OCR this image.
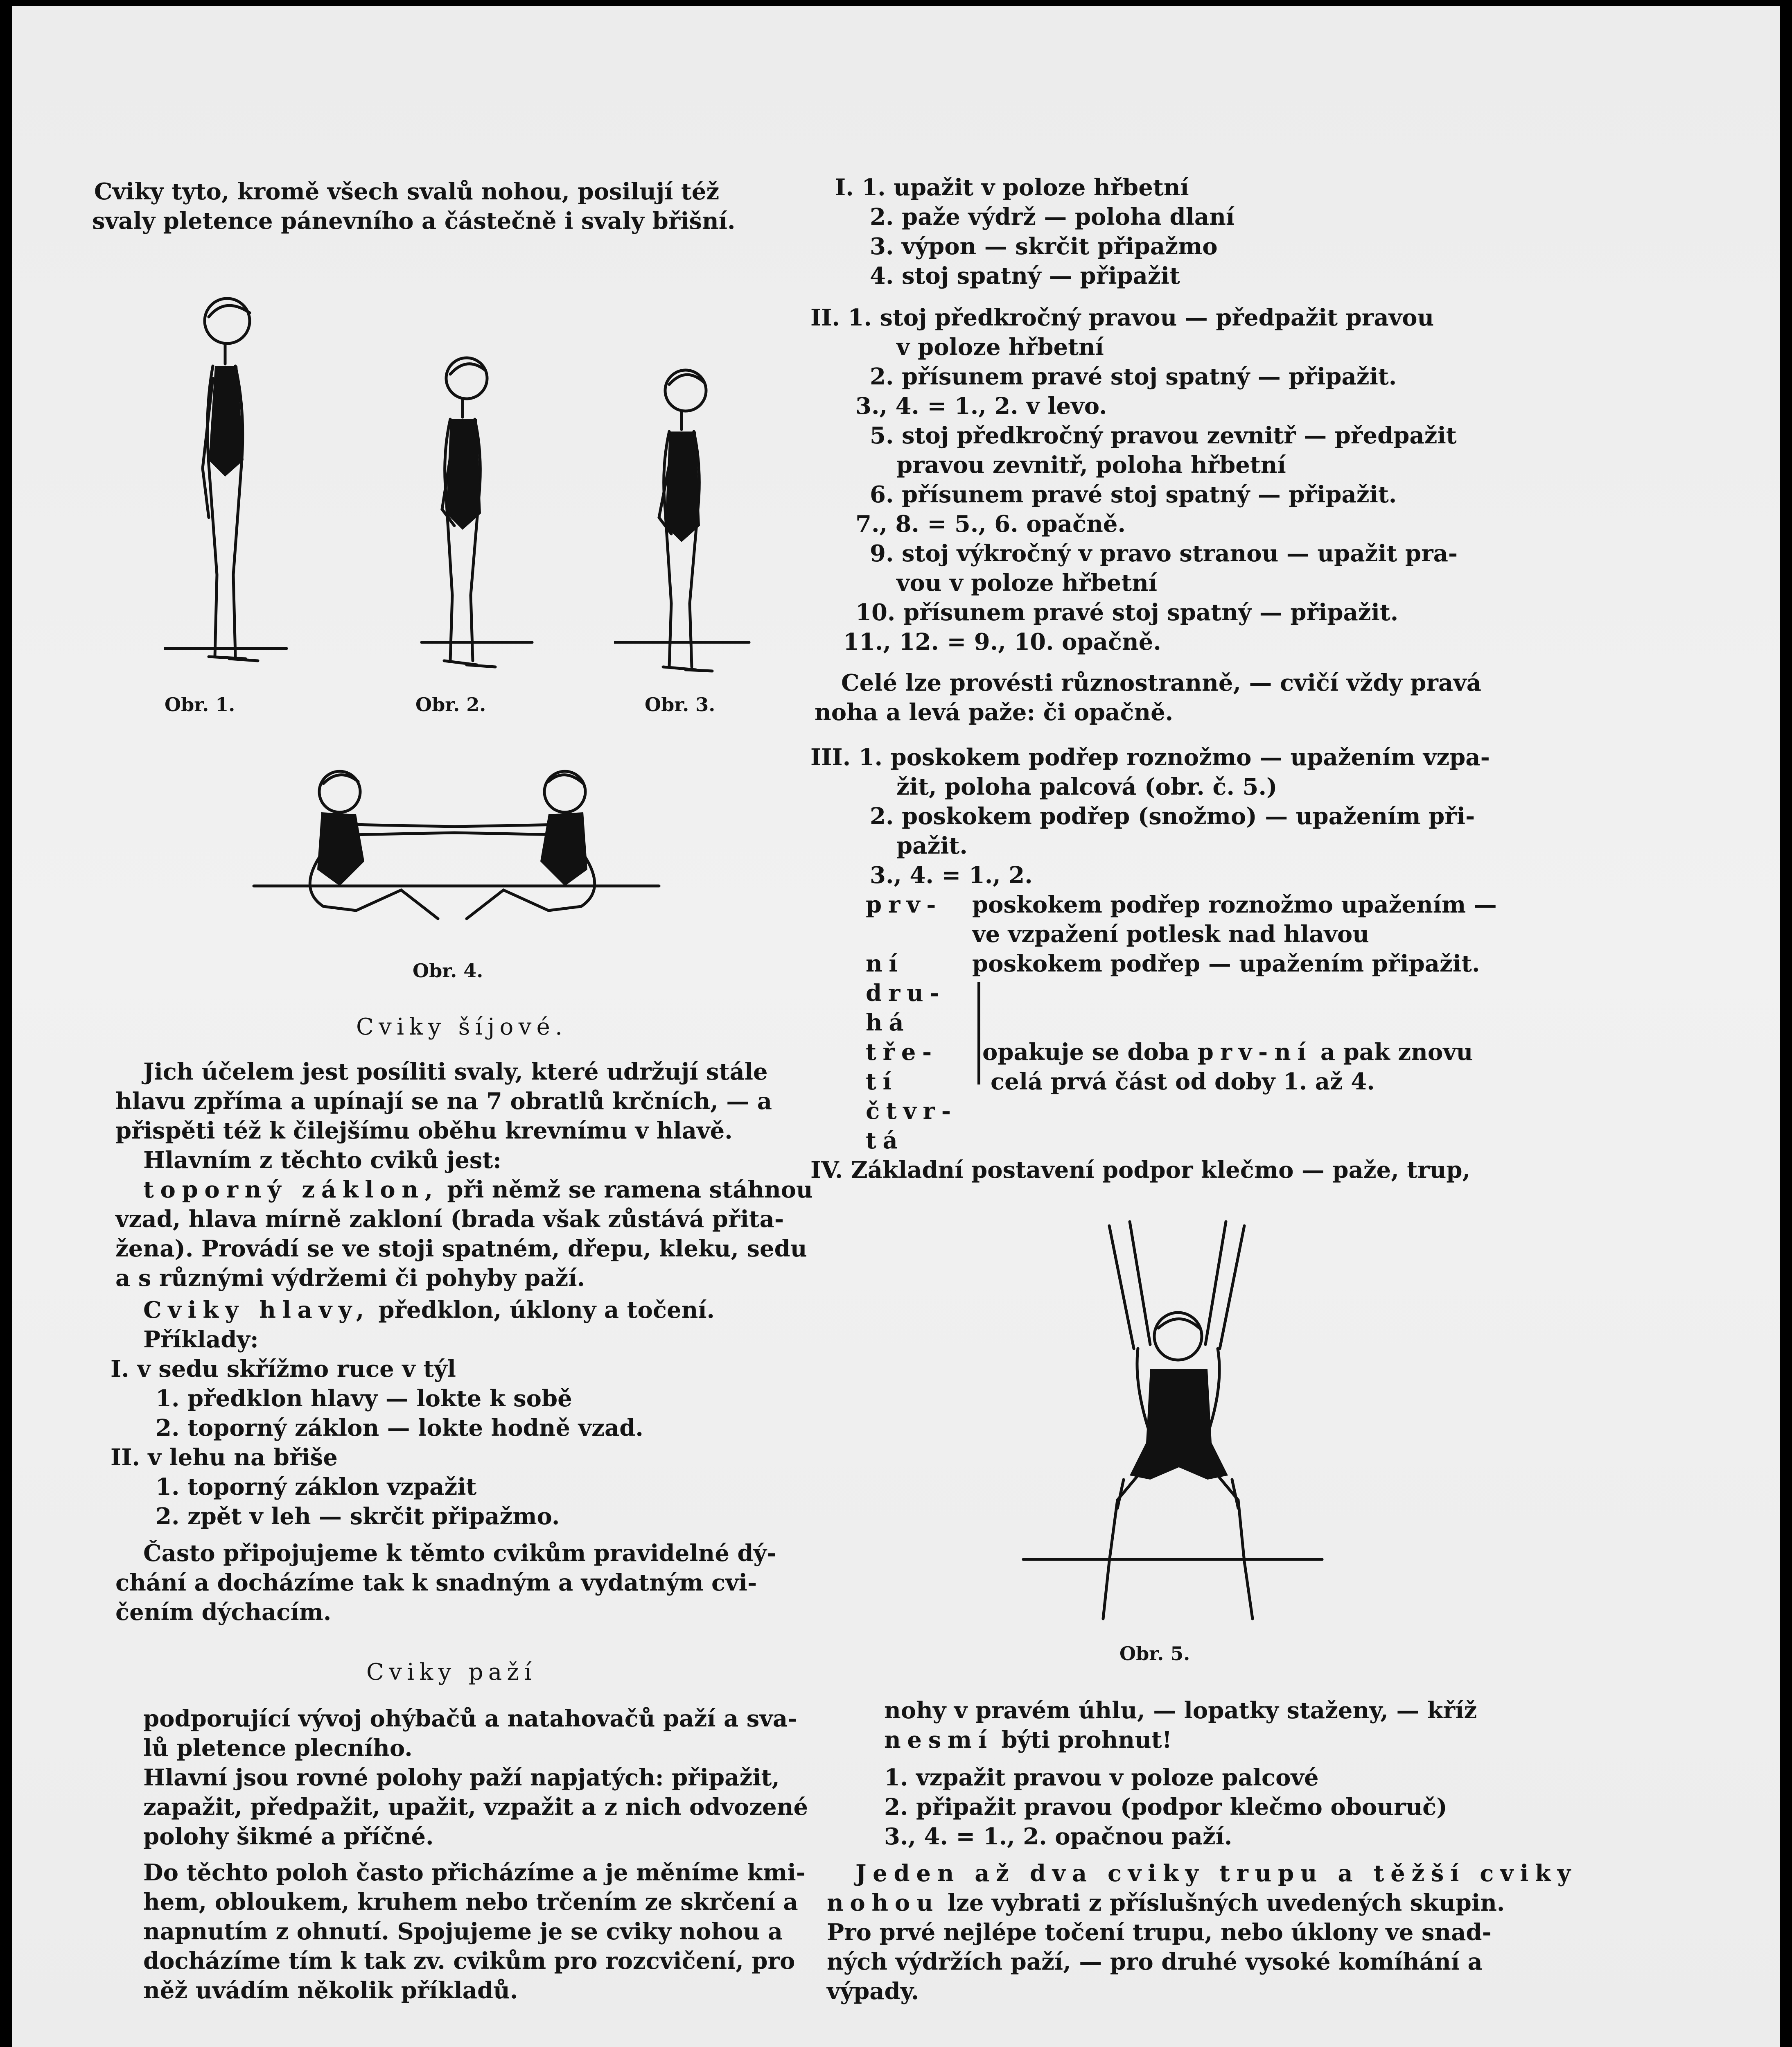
Cviky tyto, kromě všech svalů nohou, posilují též
svaly pletence pánevního a částečně i svaly břišní.
Obr. 1.	Obr. 2.	Obr. 3.
Obr. 4.
Cviky šíjové.
Jich účelem jest posíliti svaly, které udržují stále
hlavu zpříma a upínají se na 7 obratlů krčních, — a
přispěti též k čilejšímu oběhu krevnímu v hlavě.
Hlavním z těchto cviků jest:
toporný záklon, při němž se ramena stáhnou
vzad, hlava mírně zakloní (brada však zůstává přita-
žena). Provádí se ve stoji spatném, dřepu, kleku, sedu
a s různými výdržemi či pohyby paží.
Cviky hlavy, předklon, úklony a točení.
Příklady:
I. v sedu skřížmo ruce v týl
1. předklon hlavy — lokte k sobě
2. toporný záklon — lokte hodně vzad.
II. v lehu na břiše
1. toporný záklon vzpažit
2. zpět v leh — skrčit připažmo.
Často připojujeme k těmto cvikům pravidelné dý-
chání a docházíme tak k snadným a vydatným cvi-
čením dýchacím.
Cviky paží
podporující vývoj ohýbačů a natahovačů paží a sva-
lů pletence plecního.
Hlavní jsou rovné polohy paží napjatých: připažit,
zapažit, předpažit, upažit, vzpažit a z nich odvozené
polohy šikmé a příčné.
Do těchto poloh často přicházíme a je měníme kmi-
hem, obloukem, kruhem nebo trčením ze skrčení a
napnutím z ohnutí. Spojujeme je se cviky nohou a
docházíme tím k tak zv. cvikům pro rozcvičení, pro
něž uvádím několik příkladů.
I. 1. upažit v poloze hřbetní
2. paže výdrž — poloha dlaní
3. výpon — skrčit připažmo
4. stoj spatný — připažit
II. 1. stoj předkročný pravou — předpažit pravou
v poloze hřbetní
2. přísunem pravé stoj spatný — připažit.
3., 4. = 1., 2. v levo.
5. stoj předkročný pravou zevnitř — předpažit
pravou zevnitř, poloha hřbetní
6. přísunem pravé stoj spatný — připažit.
7., 8. = 5., 6. opačně.
9. stoj výkročný v pravo stranou — upažit pra-
vou v poloze hřbetní
10. přísunem pravé stoj spatný — připažit.
11., 12. = 9., 10. opačně.
Celé lze provésti různostranně, — cvičí vždy pravá
noha a levá paže: či opačně.
III. 1. poskokem podřep roznožmo — upažením vzpa-
žit, poloha palcová (obr. č. 5.)
2. poskokem podřep (snožmo) — upažením při-
pažit.
3., 4. = 1., 2.
prv-
ní
dru-
há
tře-
tí
čtvr-
tá
poskokem podřep roznožmo upažením —
ve vzpažení potlesk nad hlavou
poskokem podřep — upažením připažit.
opakuje se doba prv-ní a pak znovu
celá prvá část od doby 1. až 4.
IV. Základní postavení podpor klečmo — paže, trup,
Obr. 5.
nohy v pravém úhlu, — lopatky staženy, — kříž
nesmí býti prohnut!
1. vzpažit pravou v poloze palcové
2. připažit pravou (podpor klečmo obouruč)
3., 4. = 1., 2. opačnou paží.
Jeden až dva cviky trupu a těžší cviky
nohou lze vybrati z příslušných uvedených skupin.
Pro prvé nejlépe točení trupu, nebo úklony ve snad-
ných výdržích paží, — pro druhé vysoké komíhání a
výpady.
